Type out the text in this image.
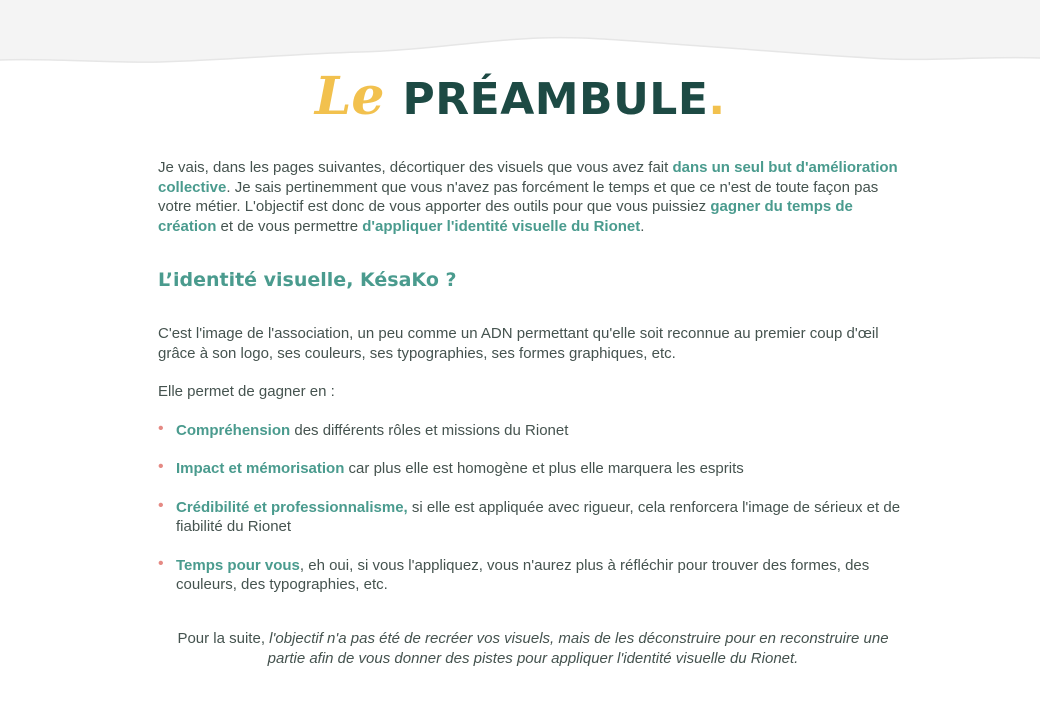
Le PRÉAMBULE.

Je vais, dans les pages suivantes, décortiquer des visuels que vous avez fait dans un seul but d'amélioration collective. Je sais pertinemment que vous n'avez pas forcément le temps et que ce n'est de toute façon pas votre métier. L'objectif est donc de vous apporter des outils pour que vous puissiez gagner du temps de création et de vous permettre d'appliquer l'identité visuelle du Rionet.

L’identité visuelle, KésaKo ?

C'est l'image de l'association, un peu comme un ADN permettant qu'elle soit reconnue au premier coup d'œil grâce à son logo, ses couleurs, ses typographies, ses formes graphiques, etc.

Elle permet de gagner en :

• Compréhension des différents rôles et missions du Rionet
• Impact et mémorisation car plus elle est homogène et plus elle marquera les esprits
• Crédibilité et professionnalisme, si elle est appliquée avec rigueur, cela renforcera l'image de sérieux et de fiabilité du Rionet
• Temps pour vous, eh oui, si vous l'appliquez, vous n'aurez plus à réfléchir pour trouver des formes, des couleurs, des typographies, etc.

Pour la suite, l'objectif n'a pas été de recréer vos visuels, mais de les déconstruire pour en reconstruire une partie afin de vous donner des pistes pour appliquer l'identité visuelle du Rionet.
